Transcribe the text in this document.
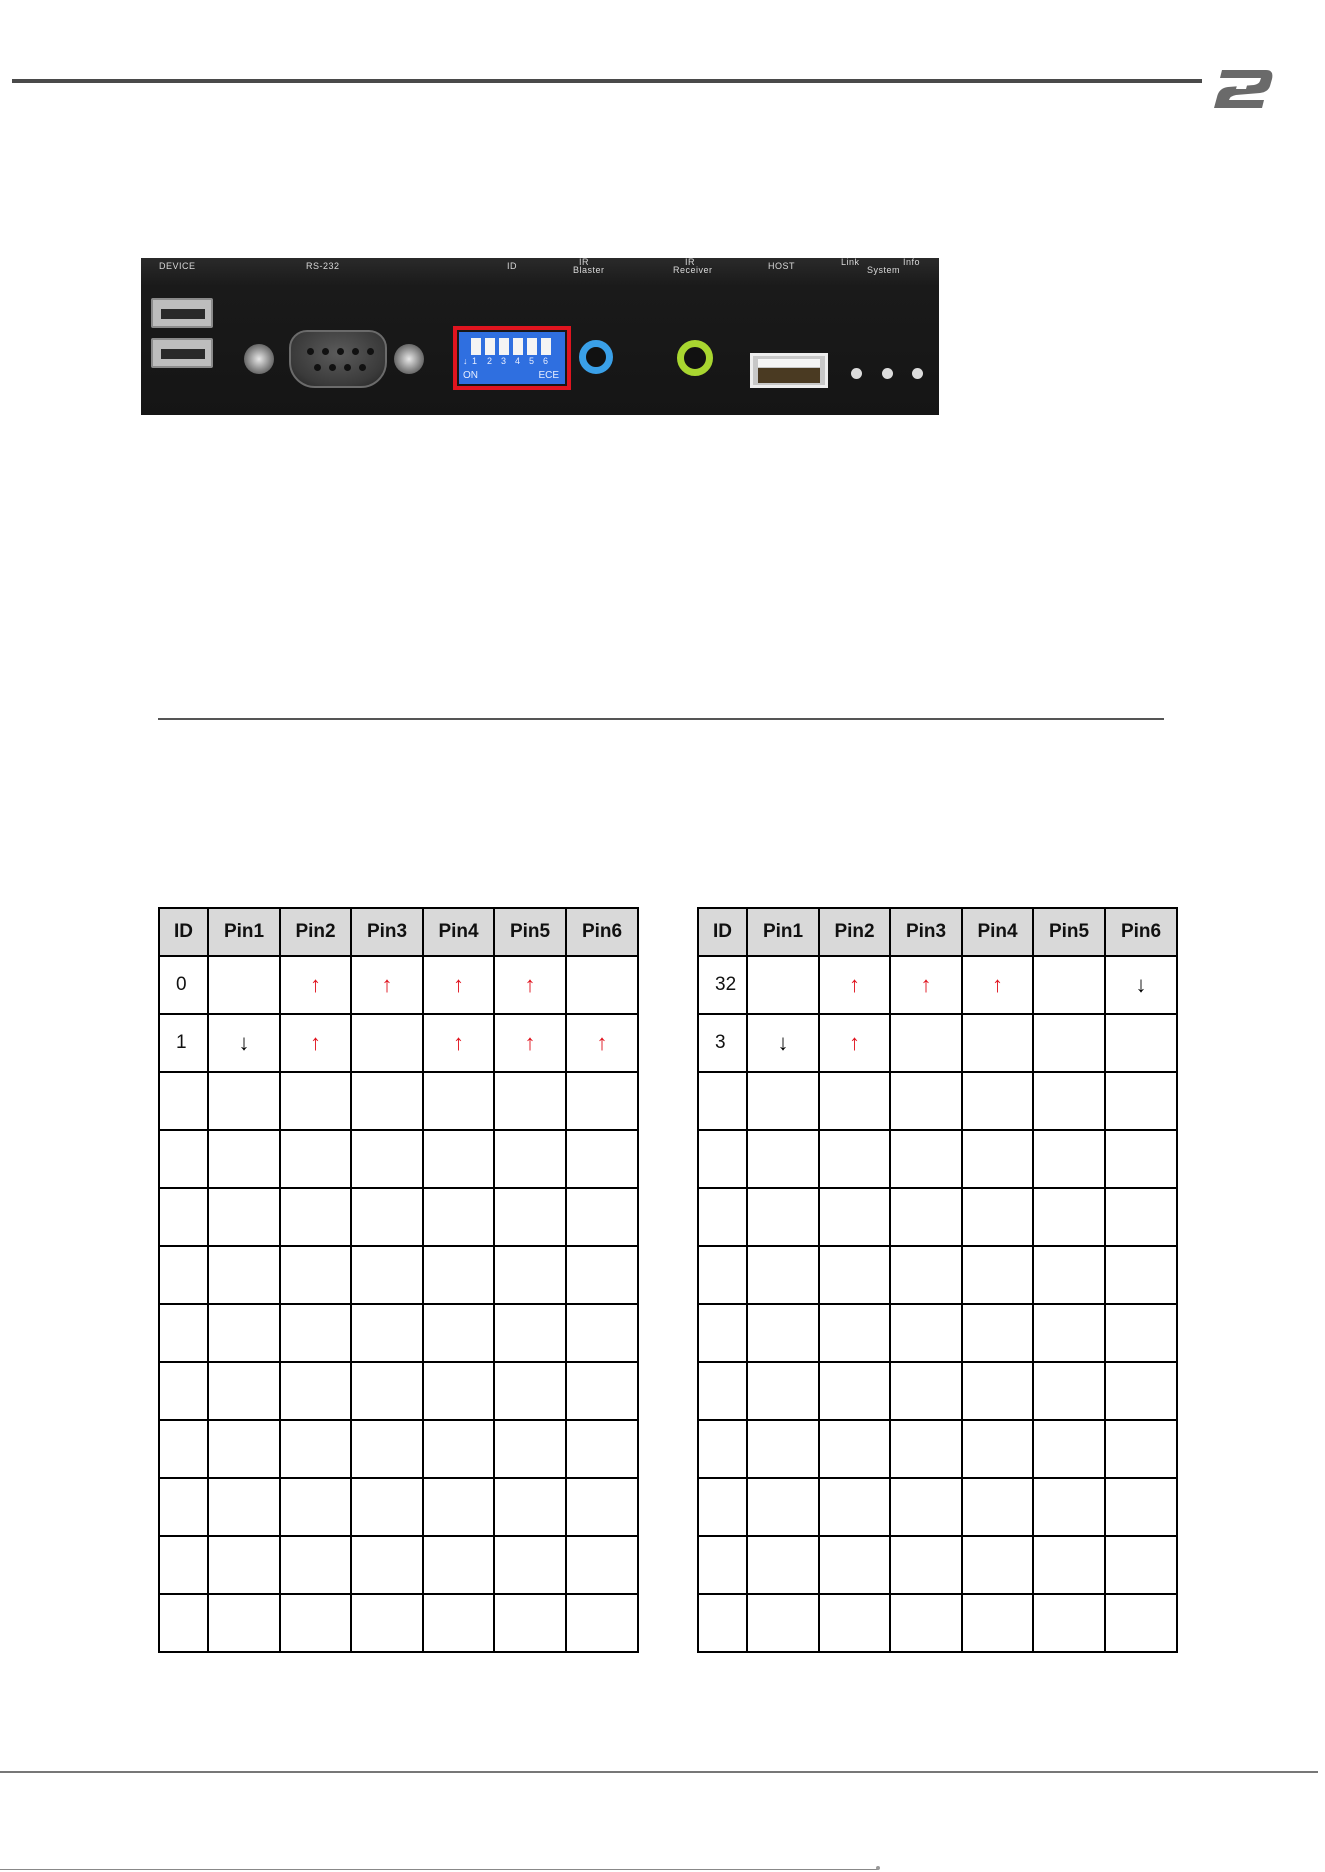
DEVICE	RS-232	ID	IR
Blaster
IR
Receiver	HOST	Link
System
Info
↓ 1 2 3 4 5 6
ON	ECE
ID	Pin1	Pin2	Pin3	Pin4	Pin5	Pin6
0		↑	↑	↑	↑	
1	↓	↑		↑	↑	↑

ID	Pin1	Pin2	Pin3	Pin4	Pin5	Pin6
32		↑	↑	↑		↓
3	↓	↑				
